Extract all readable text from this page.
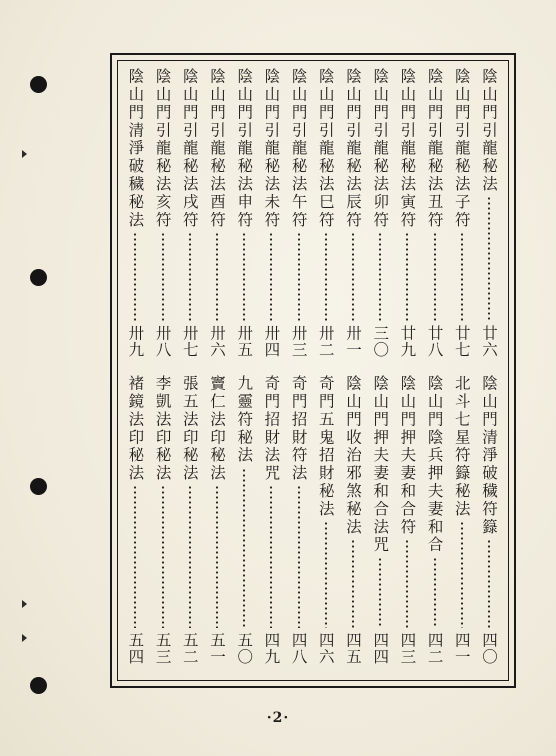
陰山門引龍秘法
廿六
陰山門引龍秘法子符
廿七
陰山門引龍秘法丑符
廿八
陰山門引龍秘法寅符
廿九
陰山門引龍秘法卯符
三〇
陰山門引龍秘法辰符
卅一
陰山門引龍秘法巳符
卅二
陰山門引龍秘法午符
卅三
陰山門引龍秘法未符
卅四
陰山門引龍秘法申符
卅五
陰山門引龍秘法酉符
卅六
陰山門引龍秘法戌符
卅七
陰山門引龍秘法亥符
卅八
陰山門清淨破穢秘法
卅九
陰山門清淨破穢符籙
四〇
北斗七星符籙秘法
四一
陰山門陰兵押夫妻和合
四二
陰山門押夫妻和合符
四三
陰山門押夫妻和合法咒
四四
陰山門收治邪煞秘法
四五
奇門五鬼招財秘法
四六
奇門招財符法
四八
奇門招財法咒
四九
九靈符秘法
五〇
竇仁法印秘法
五一
張五法印秘法
五二
李凱法印秘法
五三
褚鏡法印秘法
五四
·2·
